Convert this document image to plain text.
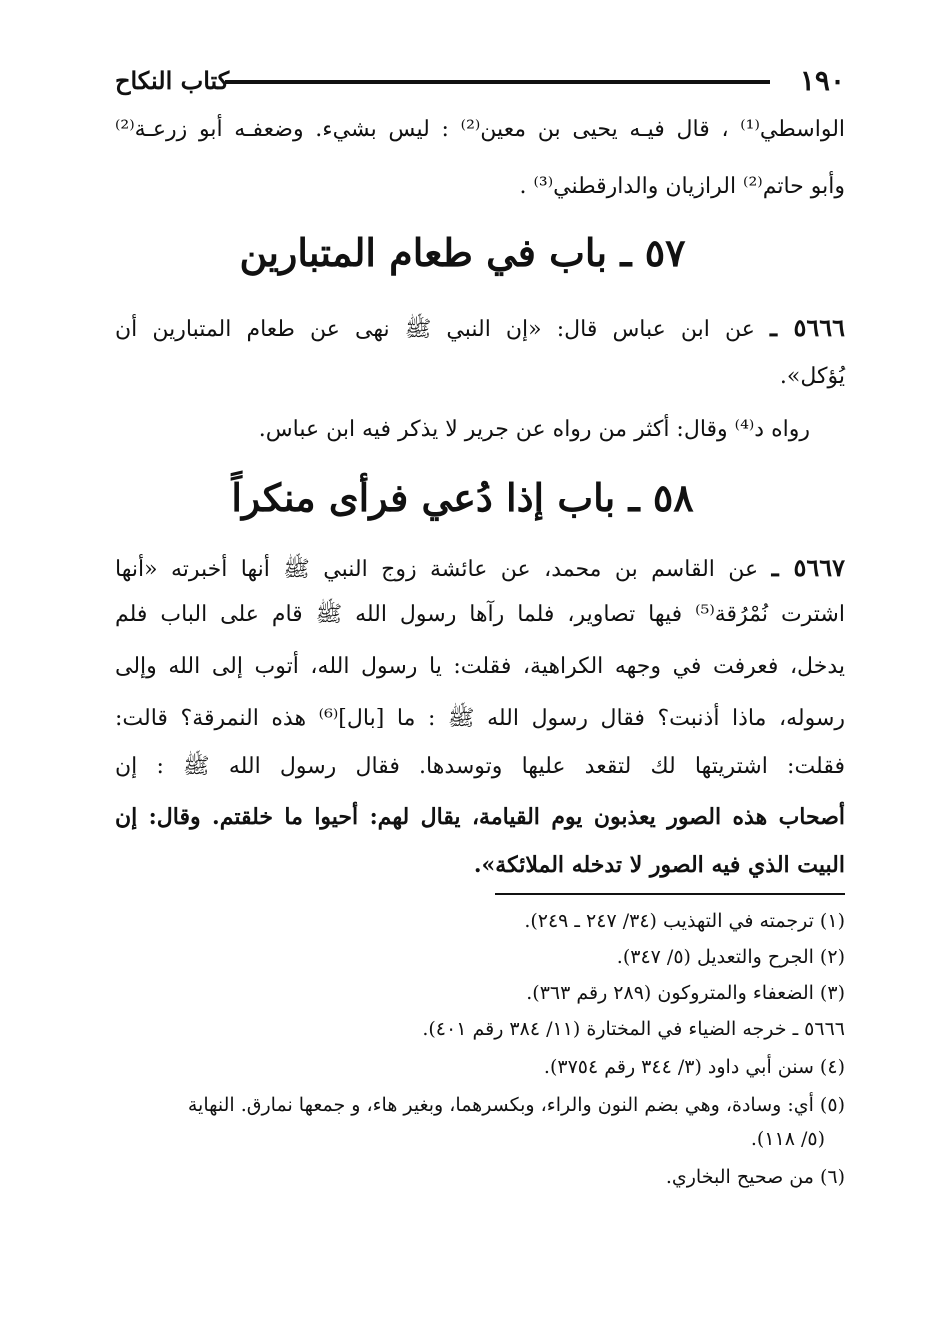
١٩٠
كتاب النكاح
الواسطي⁽¹⁾ ، قال فيـه يحيى بن معين⁽²⁾ : ليس بشيء. وضعفـه أبو زرعـة⁽²⁾
وأبو حاتم⁽²⁾ الرازيان والدارقطني⁽³⁾ .
٥٧ ـ باب في طعام المتبارين
٥٦٦٦ ـ عن ابن عباس قال: «إن النبي ﷺ نهى عن طعام المتبارين أن
يُؤكل».
رواه د⁽⁴⁾ وقال: أكثر من رواه عن جرير لا يذكر فيه ابن عباس.
٥٨ ـ باب إذا دُعي فرأى منكراً
٥٦٦٧ ـ عن القاسم بن محمد، عن عائشة زوج النبي ﷺ أنها أخبرته «أنها
اشترت نُمْرُقة⁽⁵⁾ فيها تصاوير، فلما رآها رسول الله ﷺ قام على الباب فلم
يدخل، فعرفت في وجهه الكراهية، فقلت: يا رسول الله، أتوب إلى الله وإلى
رسوله، ماذا أذنبت؟ فقال رسول الله ﷺ : ما [بال]⁽⁶⁾ هذه النمرقة؟ قالت:
فقلت: اشتريتها لك لتقعد عليها وتوسدها. فقال رسول الله ﷺ : إن
أصحاب هذه الصور يعذبون يوم القيامة، يقال لهم: أحيوا ما خلقتم. وقال: إن
البيت الذي فيه الصور لا تدخله الملائكة».
(١) ترجمته في التهذيب (٣٤/ ٢٤٧ ـ ٢٤٩).
(٢) الجرح والتعديل (٥/ ٣٤٧).
(٣) الضعفاء والمتروكون (٢٨٩ رقم ٣٦٣).
٥٦٦٦ ـ خرجه الضياء في المختارة (١١/ ٣٨٤ رقم ٤٠١).
(٤) سنن أبي داود (٣/ ٣٤٤ رقم ٣٧٥٤).
(٥) أي: وسادة، وهي بضم النون والراء، وبكسرهما، وبغير هاء، و جمعها نمارق. النهاية
(٥/ ١١٨).
(٦) من صحيح البخاري.
